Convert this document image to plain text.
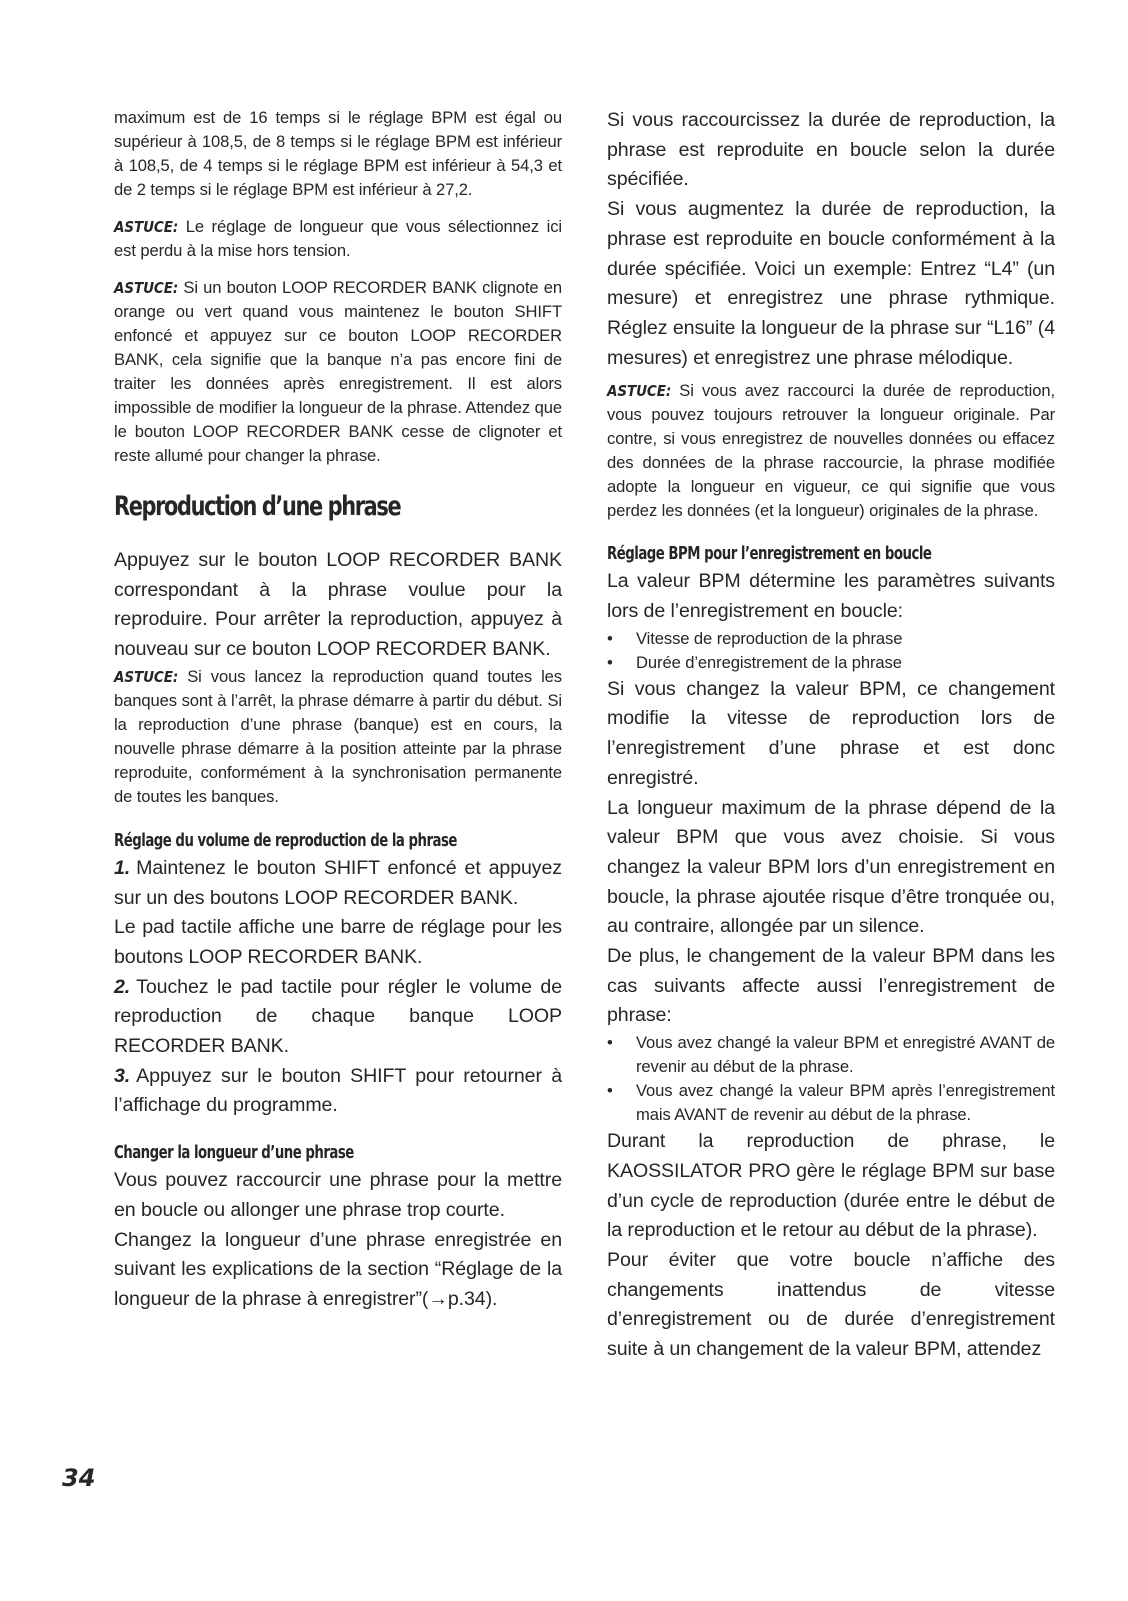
maximum est de 16 temps si le réglage BPM est égal ou supérieur à 108,5, de 8 temps si le réglage BPM est inférieur à 108,5, de 4 temps si le réglage BPM est inférieur à 54,3 et de 2 temps si le réglage BPM est inférieur à 27,2.

ASTUCE: Le réglage de longueur que vous sélectionnez ici est perdu à la mise hors tension.

ASTUCE: Si un bouton LOOP RECORDER BANK clignote en orange ou vert quand vous maintenez le bouton SHIFT enfoncé et appuyez sur ce bouton LOOP RECORDER BANK, cela signifie que la banque n’a pas encore fini de traiter les données après enregistrement. Il est alors impossible de modifier la longueur de la phrase. Attendez que le bouton LOOP RECORDER BANK cesse de clignoter et reste allumé pour changer la phrase.

Reproduction d’une phrase

Appuyez sur le bouton LOOP RECORDER BANK correspondant à la phrase voulue pour la reproduire. Pour arrêter la reproduction, appuyez à nouveau sur ce bouton LOOP RECORDER BANK.

ASTUCE: Si vous lancez la reproduction quand toutes les banques sont à l’arrêt, la phrase démarre à partir du début. Si la reproduction d’une phrase (banque) est en cours, la nouvelle phrase démarre à la position atteinte par la phrase reproduite, conformément à la synchronisation permanente de toutes les banques.

Réglage du volume de reproduction de la phrase

1. Maintenez le bouton SHIFT enfoncé et appuyez sur un des boutons LOOP RECORDER BANK.

Le pad tactile affiche une barre de réglage pour les boutons LOOP RECORDER BANK.

2. Touchez le pad tactile pour régler le volume de reproduction de chaque banque LOOP RECORDER BANK.

3. Appuyez sur le bouton SHIFT pour retourner à l’affichage du programme.

Changer la longueur d’une phrase

Vous pouvez raccourcir une phrase pour la mettre en boucle ou allonger une phrase trop courte.

Changez la longueur d’une phrase enregistrée en suivant les explications de la section “Réglage de la longueur de la phrase à enregistrer”(→p.34).

Si vous raccourcissez la durée de reproduction, la phrase est reproduite en boucle selon la durée spécifiée.

Si vous augmentez la durée de reproduction, la phrase est reproduite en boucle conformément à la durée spécifiée. Voici un exemple: Entrez “L4” (un mesure) et enregistrez une phrase rythmique. Réglez ensuite la longueur de la phrase sur “L16” (4 mesures) et enregistrez une phrase mélodique.

ASTUCE: Si vous avez raccourci la durée de reproduction, vous pouvez toujours retrouver la longueur originale. Par contre, si vous enregistrez de nouvelles données ou effacez des données de la phrase raccourcie, la phrase modifiée adopte la longueur en vigueur, ce qui signifie que vous perdez les données (et la longueur) originales de la phrase.

Réglage BPM pour l’enregistrement en boucle

La valeur BPM détermine les paramètres suivants lors de l’enregistrement en boucle:

• Vitesse de reproduction de la phrase
• Durée d’enregistrement de la phrase

Si vous changez la valeur BPM, ce changement modifie la vitesse de reproduction lors de l’enregistrement d’une phrase et est donc enregistré.

La longueur maximum de la phrase dépend de la valeur BPM que vous avez choisie. Si vous changez la valeur BPM lors d’un enregistrement en boucle, la phrase ajoutée risque d’être tronquée ou, au contraire, allongée par un silence.

De plus, le changement de la valeur BPM dans les cas suivants affecte aussi l’enregistrement de phrase:

• Vous avez changé la valeur BPM et enregistré AVANT de revenir au début de la phrase.
• Vous avez changé la valeur BPM après l’enregistrement mais AVANT de revenir au début de la phrase.

Durant la reproduction de phrase, le KAOSSILATOR PRO gère le réglage BPM sur base d’un cycle de reproduction (durée entre le début de la reproduction et le retour au début de la phrase).

Pour éviter que votre boucle n’affiche des changements inattendus de vitesse d’enregistrement ou de durée d’enregistrement suite à un changement de la valeur BPM, attendez

34
